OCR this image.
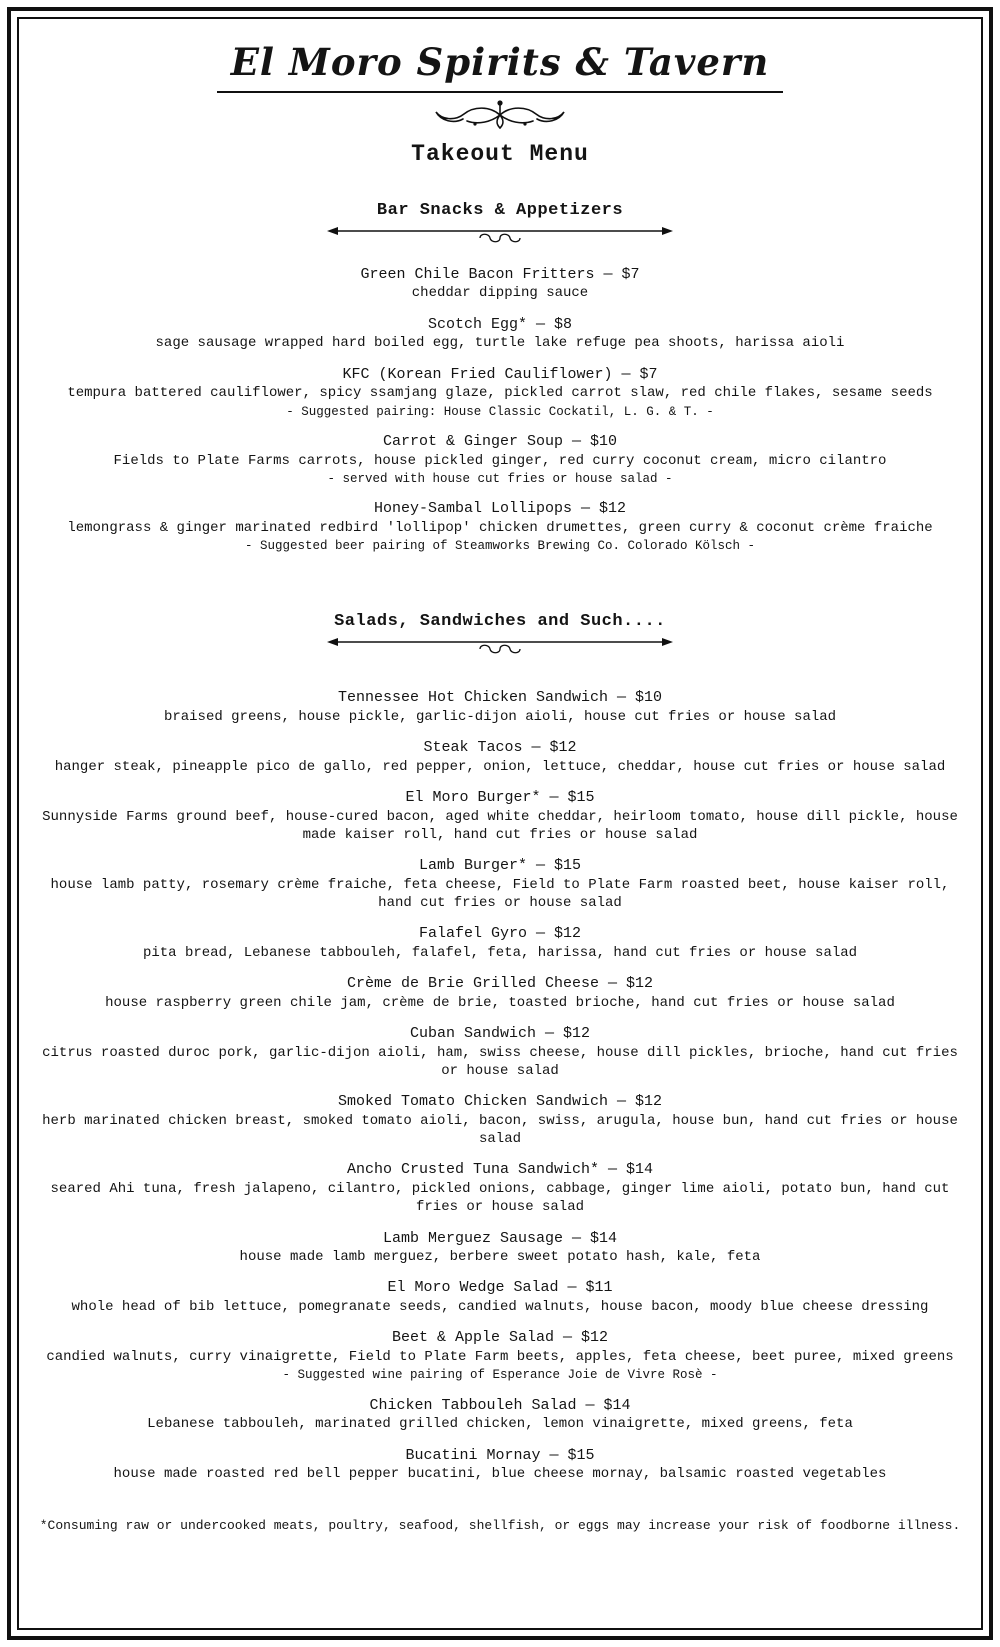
El Moro Spirits & Tavern
Takeout Menu
Bar Snacks & Appetizers
Green Chile Bacon Fritters — $7
cheddar dipping sauce
Scotch Egg* — $8
sage sausage wrapped hard boiled egg, turtle lake refuge pea shoots, harissa aioli
KFC (Korean Fried Cauliflower) — $7
tempura battered cauliflower, spicy ssamjang glaze, pickled carrot slaw, red chile flakes, sesame seeds
- Suggested pairing: House Classic Cockatil, L. G. & T. -
Carrot & Ginger Soup — $10
Fields to Plate Farms carrots, house pickled ginger, red curry coconut cream, micro cilantro
- served with house cut fries or house salad -
Honey-Sambal Lollipops — $12
lemongrass & ginger marinated redbird 'lollipop' chicken drumettes, green curry & coconut crème fraiche
- Suggested beer pairing of Steamworks Brewing Co. Colorado Kölsch -
Salads, Sandwiches and Such....
Tennessee Hot Chicken Sandwich — $10
braised greens, house pickle, garlic-dijon aioli, house cut fries or house salad
Steak Tacos — $12
hanger steak, pineapple pico de gallo, red pepper, onion, lettuce, cheddar, house cut fries or house salad
El Moro Burger* — $15
Sunnyside Farms ground beef, house-cured bacon, aged white cheddar, heirloom tomato, house dill pickle, house made kaiser roll, hand cut fries or house salad
Lamb Burger* — $15
house lamb patty, rosemary crème fraiche, feta cheese, Field to Plate Farm roasted beet, house kaiser roll, hand cut fries or house salad
Falafel Gyro — $12
pita bread, Lebanese tabbouleh, falafel, feta, harissa, hand cut fries or house salad
Crème de Brie Grilled Cheese — $12
house raspberry green chile jam, crème de brie, toasted brioche, hand cut fries or house salad
Cuban Sandwich — $12
citrus roasted duroc pork, garlic-dijon aioli, ham, swiss cheese, house dill pickles, brioche, hand cut fries or house salad
Smoked Tomato Chicken Sandwich — $12
herb marinated chicken breast, smoked tomato aioli, bacon, swiss, arugula, house bun, hand cut fries or house salad
Ancho Crusted Tuna Sandwich* — $14
seared Ahi tuna, fresh jalapeno, cilantro, pickled onions, cabbage, ginger lime aioli, potato bun, hand cut fries or house salad
Lamb Merguez Sausage — $14
house made lamb merguez, berbere sweet potato hash, kale, feta
El Moro Wedge Salad — $11
whole head of bib lettuce, pomegranate seeds, candied walnuts, house bacon, moody blue cheese dressing
Beet & Apple Salad — $12
candied walnuts, curry vinaigrette, Field to Plate Farm beets, apples, feta cheese, beet puree, mixed greens
- Suggested wine pairing of Esperance Joie de Vivre Rosè -
Chicken Tabbouleh Salad — $14
Lebanese tabbouleh, marinated grilled chicken, lemon vinaigrette, mixed greens, feta
Bucatini Mornay — $15
house made roasted red bell pepper bucatini, blue cheese mornay, balsamic roasted vegetables
*Consuming raw or undercooked meats, poultry, seafood, shellfish, or eggs may increase your risk of foodborne illness.
